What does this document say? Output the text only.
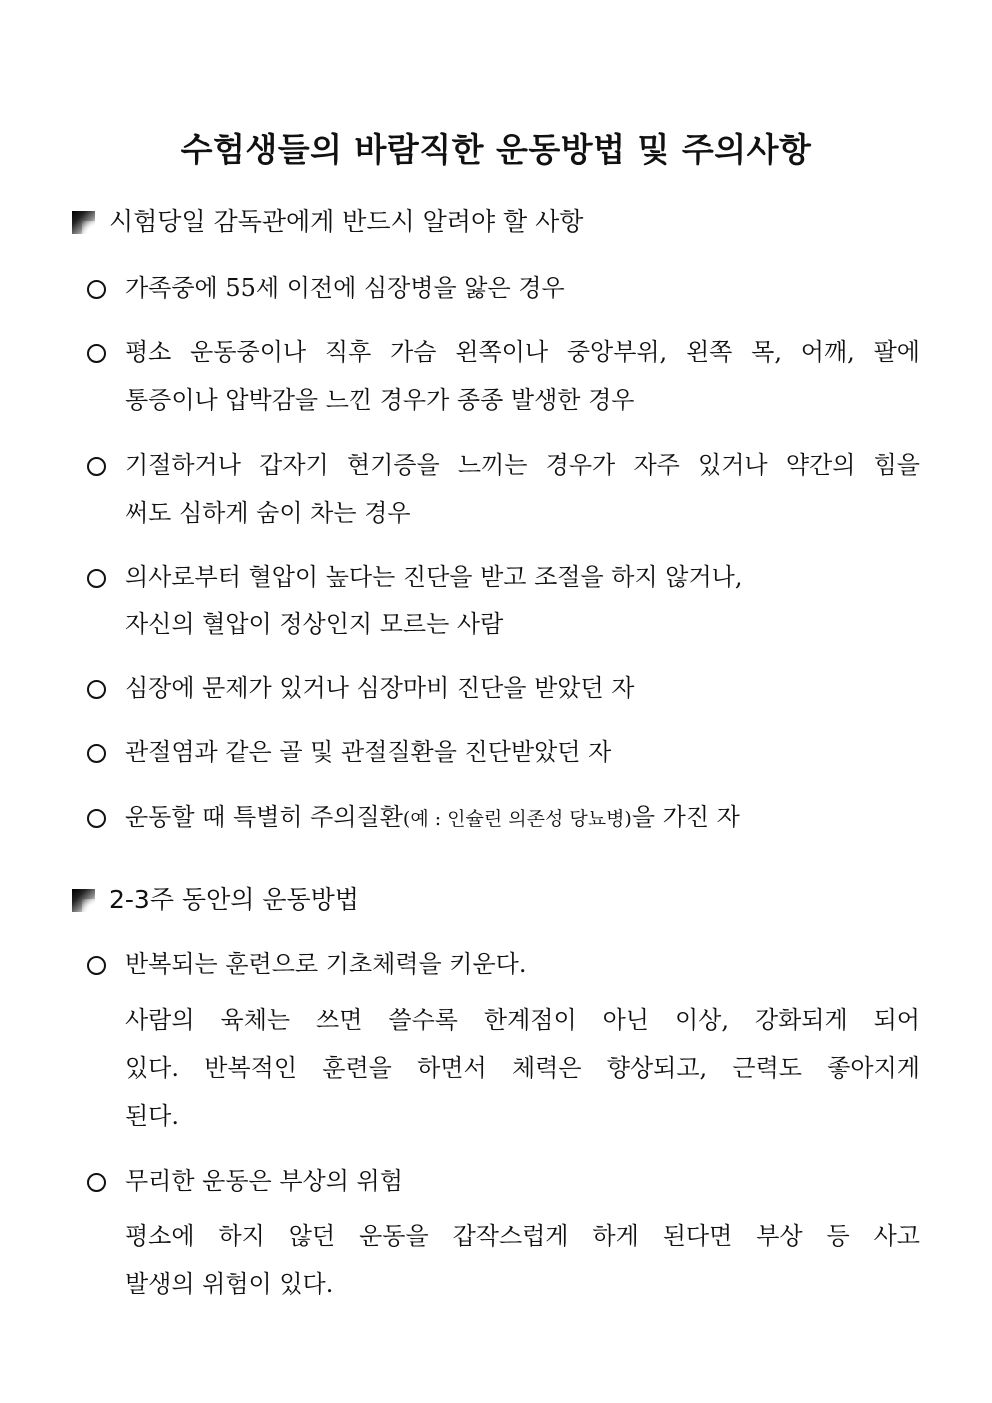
수험생들의 바람직한 운동방법 및 주의사항
시험당일 감독관에게 반드시 알려야 할 사항
가족중에 55세 이전에 심장병을 앓은 경우
평소 운동중이나 직후 가슴 왼쪽이나 중앙부위, 왼쪽 목, 어깨, 팔에
통증이나 압박감을 느낀 경우가 종종 발생한 경우
기절하거나 갑자기 현기증을 느끼는 경우가 자주 있거나 약간의 힘을
써도 심하게 숨이 차는 경우
의사로부터 혈압이 높다는 진단을 받고 조절을 하지 않거나,
자신의 혈압이 정상인지 모르는 사람
심장에 문제가 있거나 심장마비 진단을 받았던 자
관절염과 같은 골 및 관절질환을 진단받았던 자
운동할 때 특별히 주의질환(예 : 인슐린 의존성 당뇨병)을 가진 자
2-3주 동안의 운동방법
반복되는 훈련으로 기초체력을 키운다.
사람의 육체는 쓰면 쓸수록 한계점이 아닌 이상, 강화되게 되어
있다. 반복적인 훈련을 하면서 체력은 향상되고, 근력도 좋아지게
된다.
무리한 운동은 부상의 위험
평소에 하지 않던 운동을 갑작스럽게 하게 된다면 부상 등 사고
발생의 위험이 있다.
